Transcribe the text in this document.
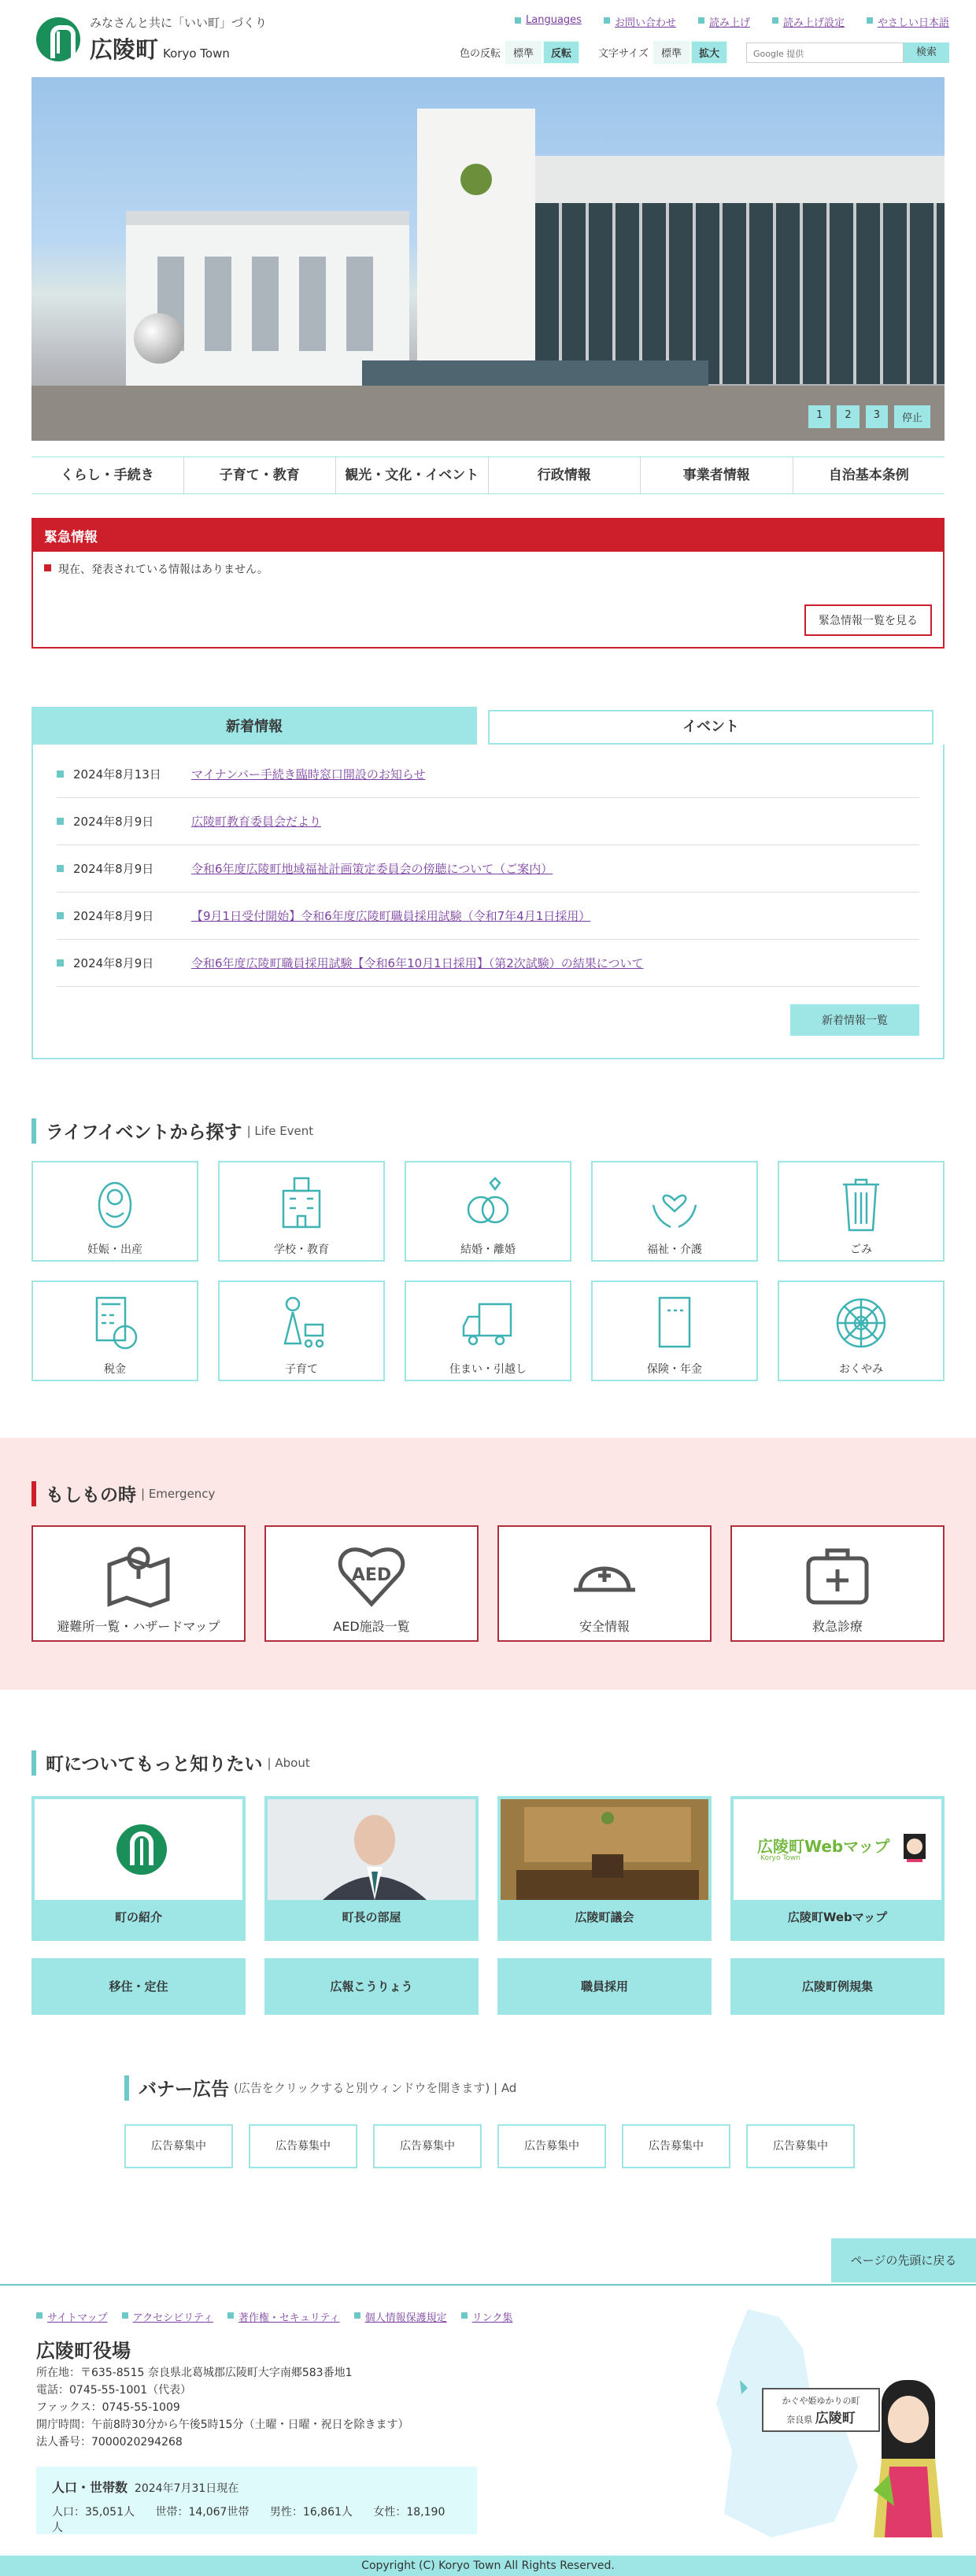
みなさんと共に「いい町」づくり
広陵町 Koryo Town
Languages	お問い合わせ	読み上げ	読み上げ設定	やさしい日本語
色の反転	標準	反転	文字サイズ	標準	拡大	Google 提供	検索
1	2	3	停止
くらし・手続き	子育て・教育	観光・文化・イベント	行政情報	事業者情報	自治基本条例
緊急情報

現在、発表されている情報はありません。

緊急情報一覧を見る
新着情報	イベント
2024年8月13日	マイナンバー手続き臨時窓口開設のお知らせ
2024年8月9日	広陵町教育委員会だより
2024年8月9日	令和6年度広陵町地域福祉計画策定委員会の傍聴について（ご案内）
2024年8月9日	【9月1日受付開始】令和6年度広陵町職員採用試験（令和7年4月1日採用）
2024年8月9日	令和6年度広陵町職員採用試験【令和6年10月1日採用】（第2次試験）の結果について
新着情報一覧
ライフイベントから探す | Life Event
妊娠・出産	学校・教育	結婚・離婚	福祉・介護	ごみ
税金	子育て	住まい・引越し	保険・年金	おくやみ
もしもの時 | Emergency
避難所一覧・ハザードマップ
AED
AED施設一覧	安全情報	救急診療
町についてもっと知りたい | About
町の紹介	町長の部屋	広陵町議会
広陵町Webマップ
Koryo Town
広陵町Webマップ
移住・定住	広報こうりょう	職員採用	広陵町例規集
バナー広告 (広告をクリックすると別ウィンドウを開きます) | Ad
広告募集中	広告募集中	広告募集中	広告募集中	広告募集中	広告募集中
ページの先頭に戻る
サイトマップ	アクセシビリティ	著作権・セキュリティ	個人情報保護規定	リンク集
広陵町役場
所在地：〒635-8515 奈良県北葛城郡広陵町大字南郷583番地1
電話：0745-55-1001（代表）
ファックス：0745-55-1009
開庁時間：午前8時30分から午後5時15分（土曜・日曜・祝日を除きます）
法人番号：7000020294268
人口・世帯数 2024年7月31日現在
人口：35,051人 世帯：14,067世帯 男性：16,861人 女性：18,190人
かぐや姫ゆかりの町
奈良県 広陵町
Copyright (C) Koryo Town All Rights Reserved.
